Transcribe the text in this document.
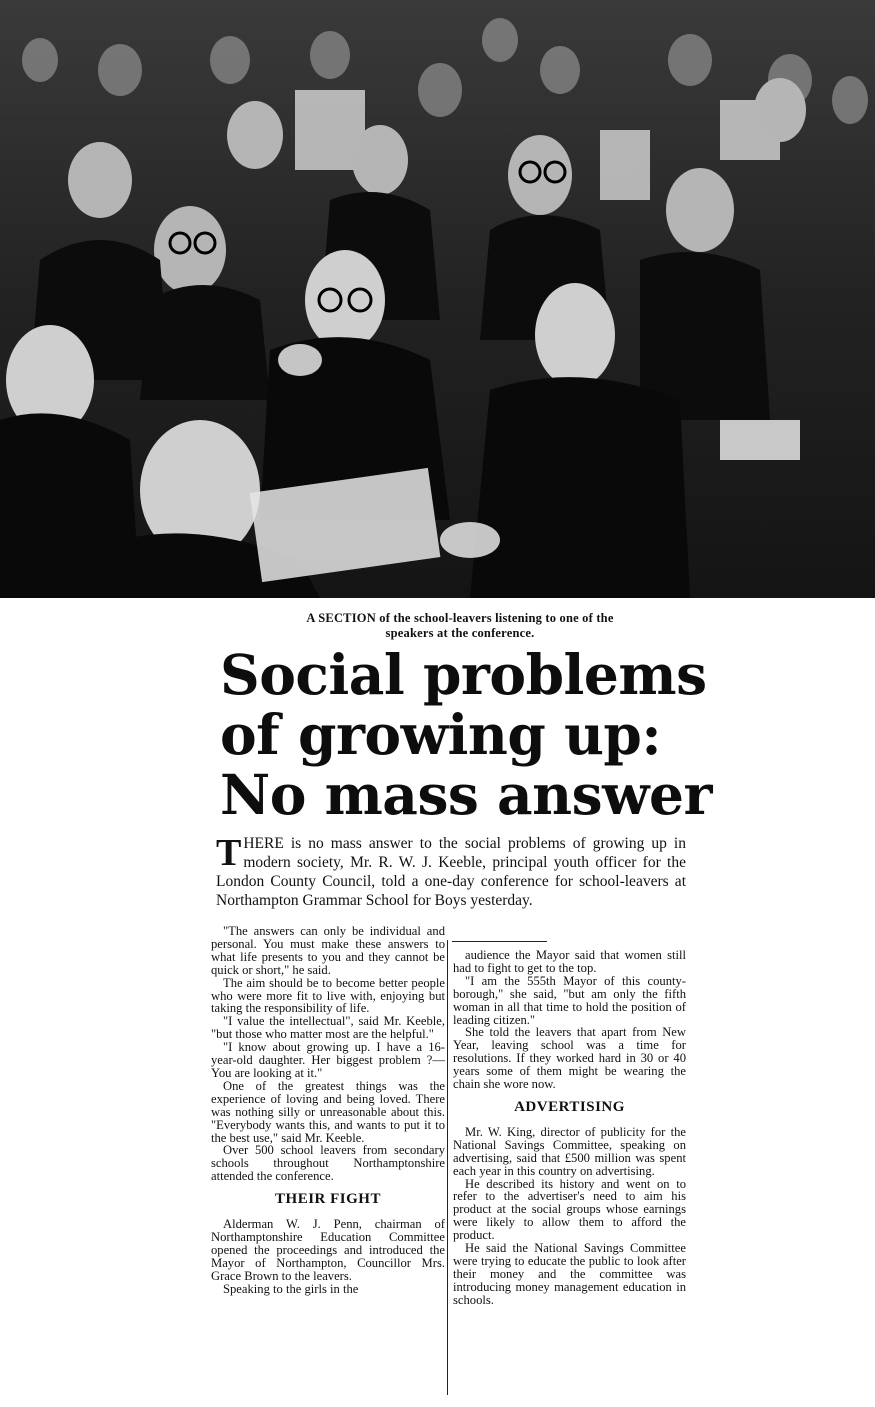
A SECTION of the school-leavers listening to one of the
speakers at the conference.
Social problems
of growing up:
No mass answer
THERE is no mass answer to the social problems of growing up in modern society, Mr. R. W. J. Keeble, principal youth officer for the London County Council, told a one-day conference for school-leavers at Northampton Grammar School for Boys yesterday.

"The answers can only be individual and personal. You must make these answers to what life presents to you and they cannot be quick or short," he said.

The aim should be to become better people who were more fit to live with, enjoying but taking the responsibility of life.

"I value the intellectual", said Mr. Keeble, "but those who matter most are the helpful."

"I know about growing up. I have a 16-year-old daughter. Her biggest problem ?—You are looking at it."

One of the greatest things was the experience of loving and being loved. There was nothing silly or unreasonable about this. "Everybody wants this, and wants to put it to the best use," said Mr. Keeble.

Over 500 school leavers from secondary schools throughout Northamptonshire attended the conference.

THEIR FIGHT

Alderman W. J. Penn, chairman of Northamptonshire Education Committee opened the proceedings and introduced the Mayor of Northampton, Councillor Mrs. Grace Brown to the leavers.

Speaking to the girls in the

audience the Mayor said that women still had to fight to get to the top.

"I am the 555th Mayor of this county-borough," she said, "but am only the fifth woman in all that time to hold the position of leading citizen."

She told the leavers that apart from New Year, leaving school was a time for resolutions. If they worked hard in 30 or 40 years some of them might be wearing the chain she wore now.

ADVERTISING

Mr. W. King, director of publicity for the National Savings Committee, speaking on advertising, said that £500 million was spent each year in this country on advertising.

He described its history and went on to refer to the advertiser's need to aim his product at the social groups whose earnings were likely to allow them to afford the product.

He said the National Savings Committee were trying to educate the public to look after their money and the committee was introducing money management education in schools.
